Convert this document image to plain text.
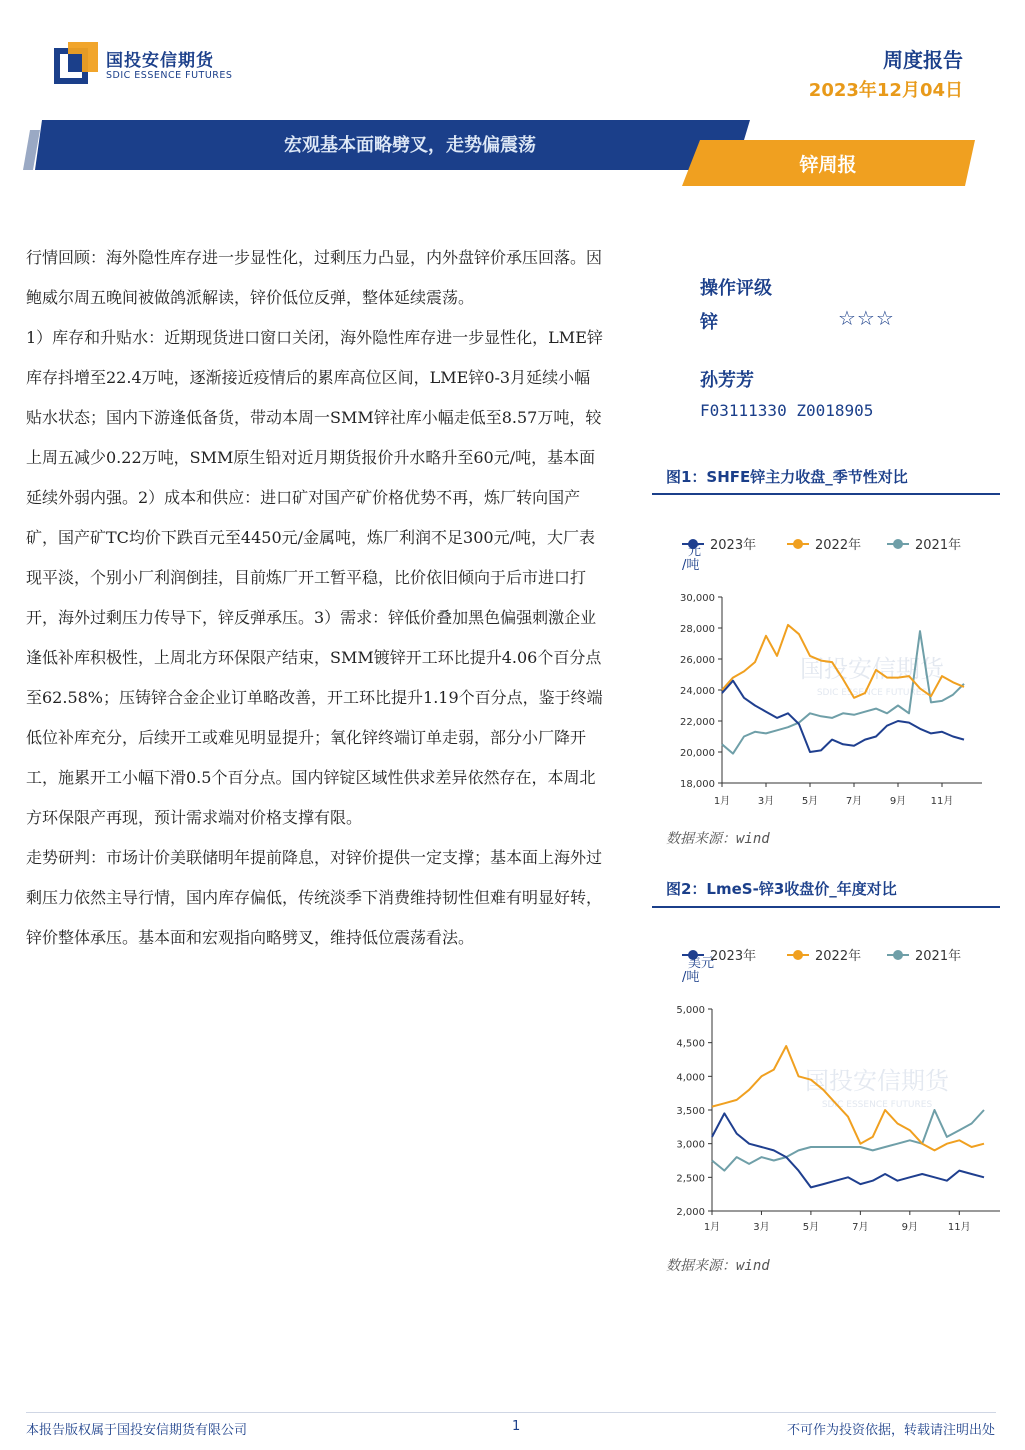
国投安信期货
SDIC ESSENCE FUTURES
周度报告
2023年12月04日
宏观基本面略劈叉，走势偏震荡
锌周报

行情回顾：海外隐性库存进一步显性化，过剩压力凸显，内外盘锌价承压回落。因鲍威尔周五晚间被做鸽派解读，锌价低位反弹，整体延续震荡。

1）库存和升贴水：近期现货进口窗口关闭，海外隐性库存进一步显性化，LME锌库存抖增至22.4万吨，逐渐接近疫情后的累库高位区间，LME锌0-3月延续小幅贴水状态；国内下游逢低备货，带动本周一SMM锌社库小幅走低至8.57万吨，较上周五减少0.22万吨，SMM原生铅对近月期货报价升水略升至60元/吨，基本面延续外弱内强。2）成本和供应：进口矿对国产矿价格优势不再，炼厂转向国产矿，国产矿TC均价下跌百元至4450元/金属吨，炼厂利润不足300元/吨，大厂表现平淡，个别小厂利润倒挂，目前炼厂开工暂平稳，比价依旧倾向于后市进口打开，海外过剩压力传导下，锌反弹承压。3）需求：锌低价叠加黑色偏强刺激企业逢低补库积极性，上周北方环保限产结束，SMM镀锌开工环比提升4.06个百分点至62.58%；压铸锌合金企业订单略改善，开工环比提升1.19个百分点，鉴于终端低位补库充分，后续开工或难见明显提升；氧化锌终端订单走弱，部分小厂降开工，施累开工小幅下滑0.5个百分点。国内锌锭区域性供求差异依然存在，本周北方环保限产再现，预计需求端对价格支撑有限。

走势研判：市场计价美联储明年提前降息，对锌价提供一定支撑；基本面上海外过剩压力依然主导行情，国内库存偏低，传统淡季下消费维持韧性但难有明显好转，锌价整体承压。基本面和宏观指向略劈叉，维持低位震荡看法。

操作评级
锌	☆☆☆
孙芳芳
F03111330 Z0018905
图1：SHFE锌主力收盘_季节性对比
国投安信期货
SDIC ESSENCE FUTURES
2023年	2022年	2021年
元/吨
30,000
28,000
26,000
24,000
22,000
20,000
18,000
1月	3月	5月	7月	9月 11月
数据来源：wind
图2：LmeS-锌3收盘价_年度对比
国投安信期货
SDIC ESSENCE FUTURES
2023年	2022年	2021年
美元/吨
5,000
4,500
4,000
3,500
3,000
2,500
2,000
1月	3月	5月	7月	9月	11月
数据来源：wind
本报告版权属于国投安信期货有限公司	1	不可作为投资依据，转载请注明出处
